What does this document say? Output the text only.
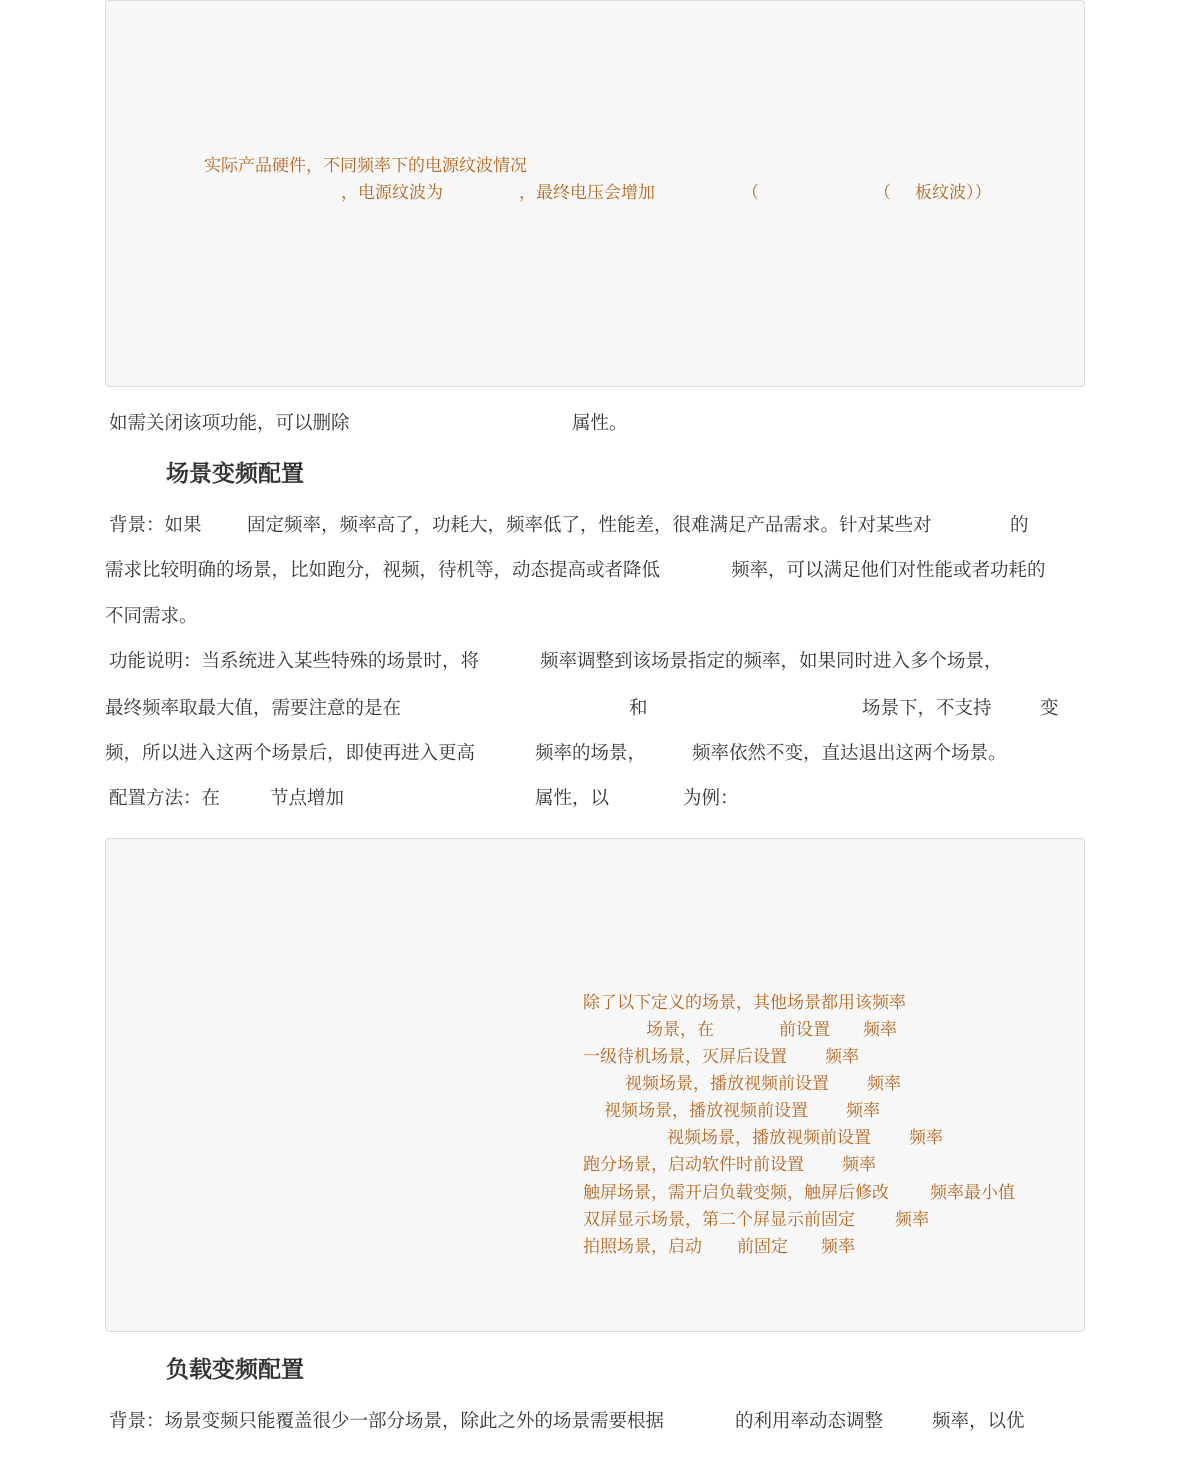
实际产品硬件，不同频率下的电源纹波情况
，电源纹波为	，最终电压会增加	（	（ 板纹波））
如需关闭该项功能，可以删除	属性。
场景变频配置
背景：如果 固定频率，频率高了，功耗大，频率低了，性能差，很难满足产品需求。针对某些对	的
需求比较明确的场景，比如跑分，视频，待机等，动态提高或者降低	频率，可以满足他们对性能或者功耗的
不同需求。
功能说明：当系统进入某些特殊的场景时，将	频率调整到该场景指定的频率，如果同时进入多个场景，
最终频率取最大值，需要注意的是在	和	场景下，不支持	变
频，所以进入这两个场景后，即使再进入更高	频率的场景， 频率依然不变，直达退出这两个场景。
配置方法：在	节点增加	属性，以	为例：
除了以下定义的场景，其他场景都用该频率
场景，在	前设置 频率
一级待机场景，灭屏后设置 频率
视频场景，播放视频前设置 频率
视频场景，播放视频前设置 频率
视频场景，播放视频前设置 频率
跑分场景，启动软件时前设置 频率
触屏场景，需开启负载变频，触屏后修改 频率最小值
双屏显示场景，第二个屏显示前固定 频率
拍照场景，启动 前固定 频率
负载变频配置
背景：场景变频只能覆盖很少一部分场景，除此之外的场景需要根据	的利用率动态调整	频率，以优
